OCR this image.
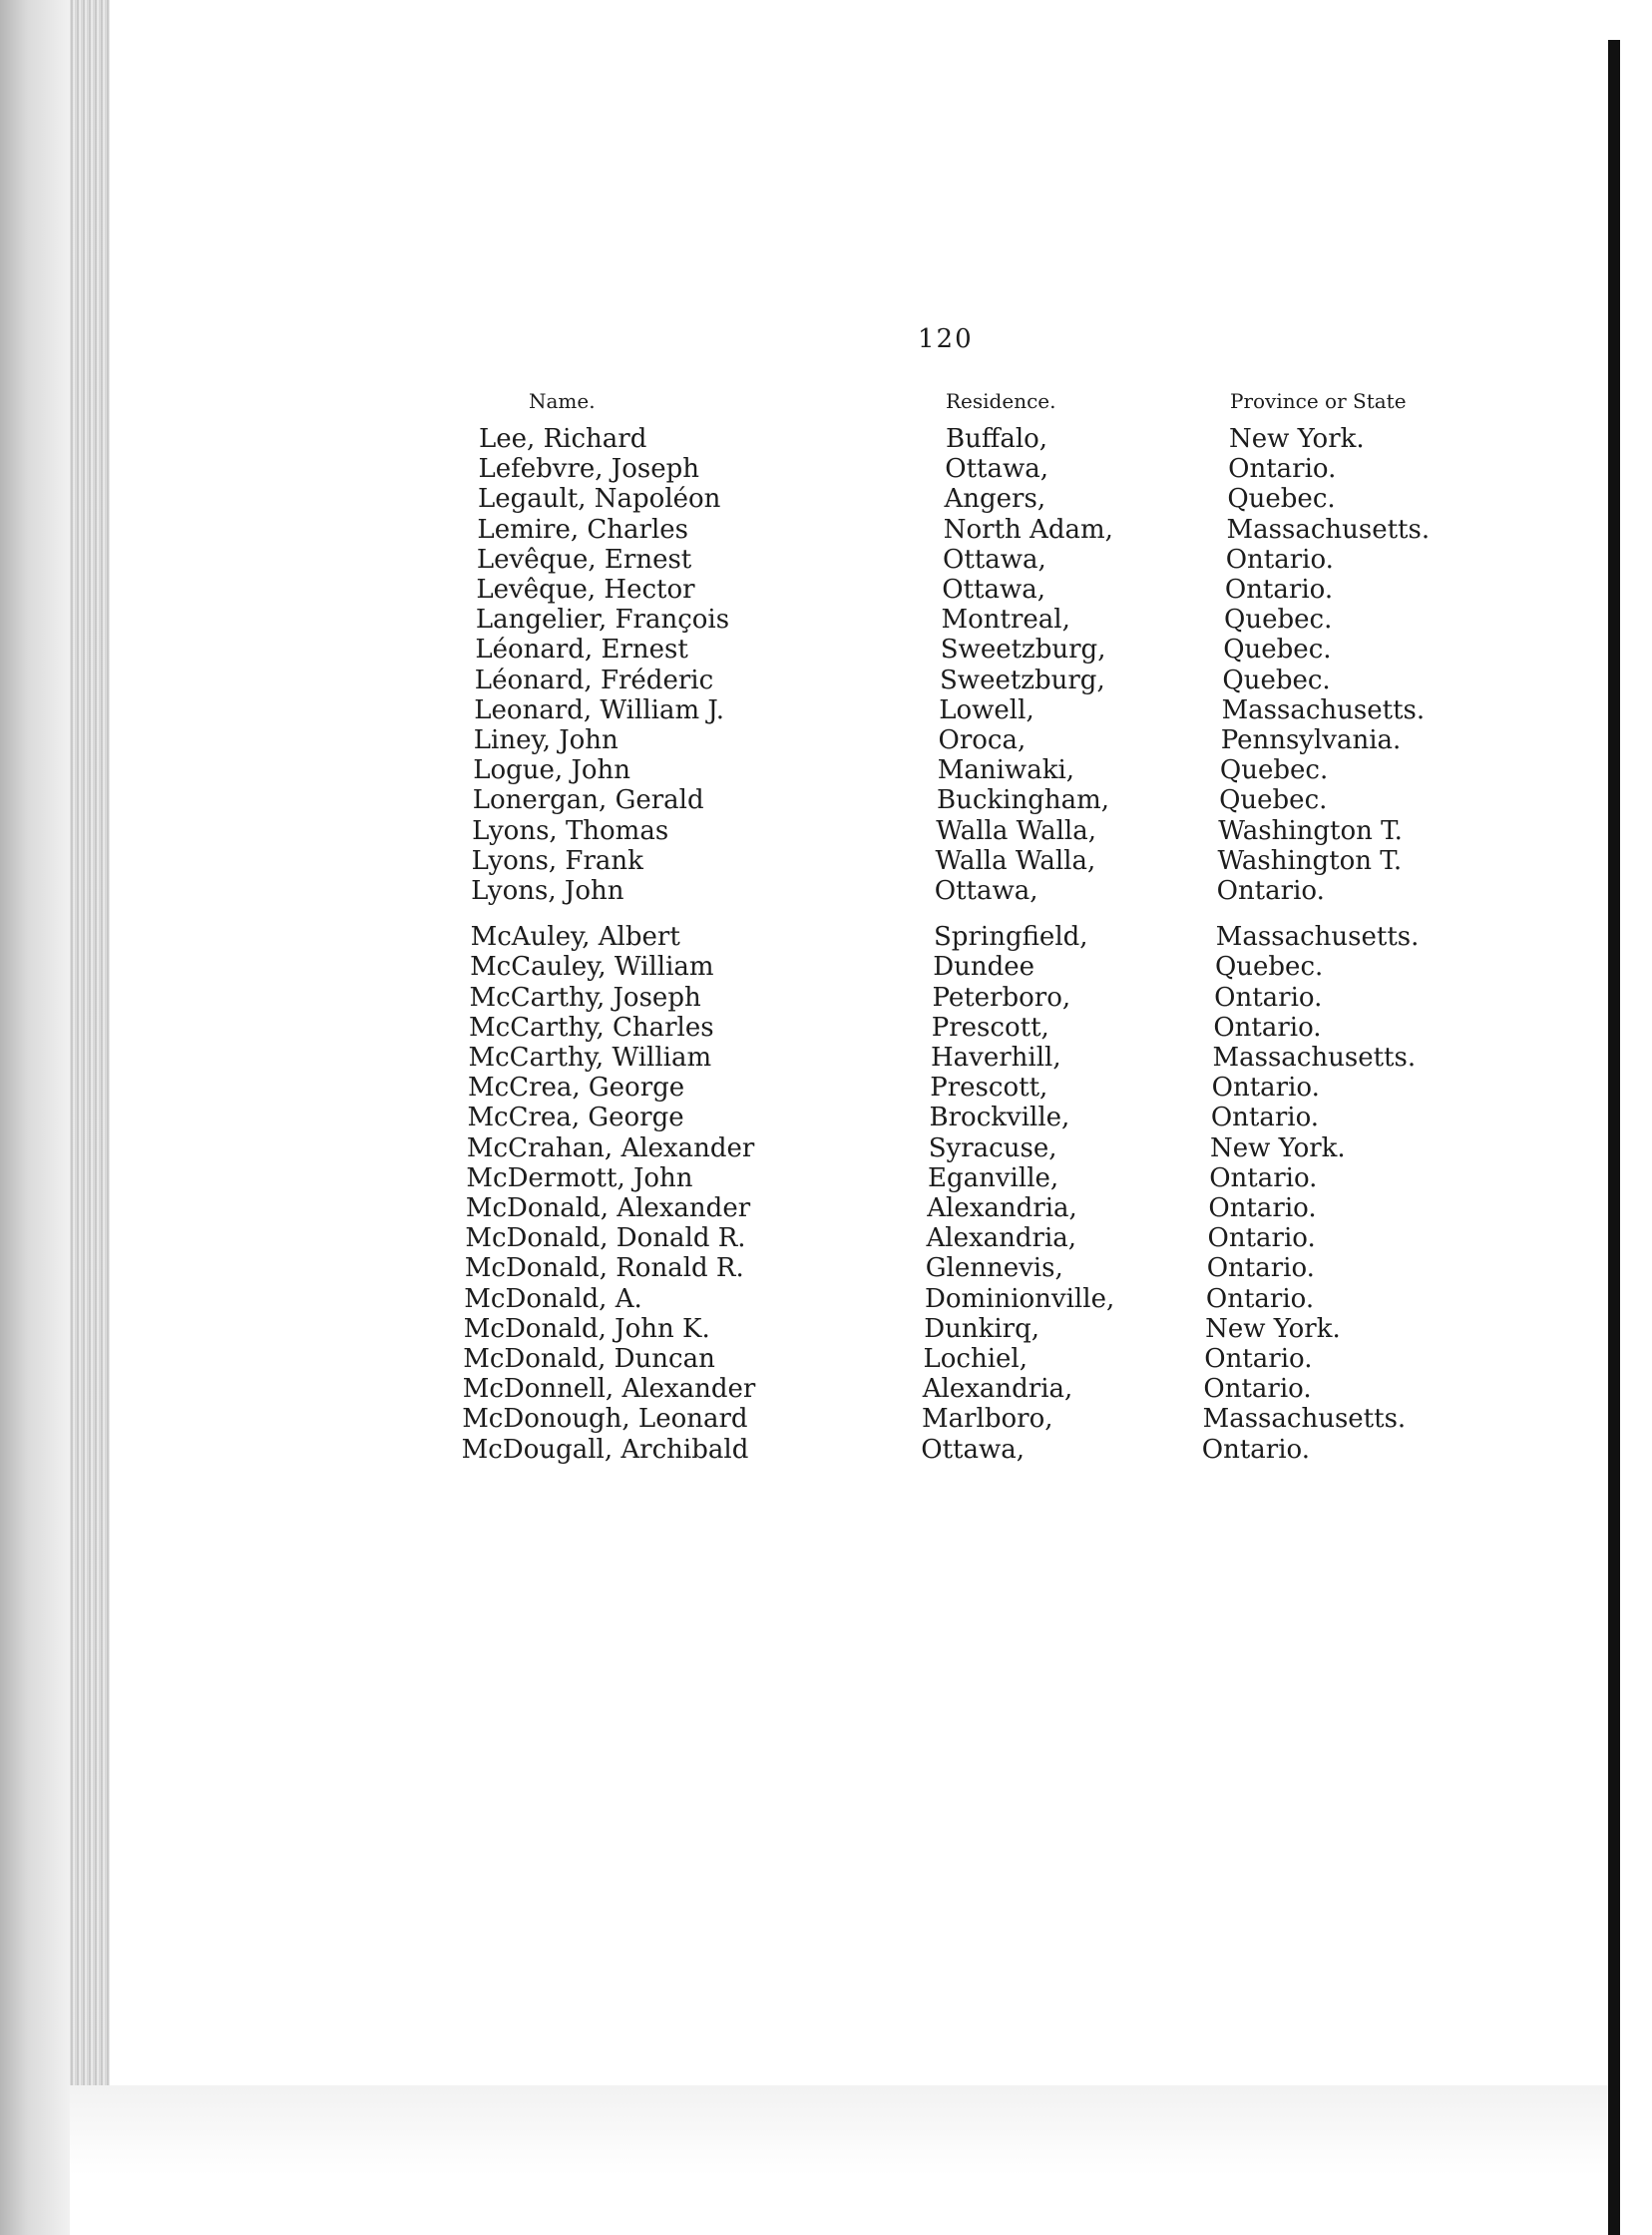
120
Name.	Residence.	Province or State
Lee, Richard	Buffalo,	New York.
Lefebvre, Joseph	Ottawa,	Ontario.
Legault, Napoléon	Angers,	Quebec.
Lemire, Charles	North Adam,	Massachusetts.
Levêque, Ernest	Ottawa,	Ontario.
Levêque, Hector	Ottawa,	Ontario.
Langelier, François	Montreal,	Quebec.
Léonard, Ernest	Sweetzburg,	Quebec.
Léonard, Fréderic	Sweetzburg,	Quebec.
Leonard, William J.	Lowell,	Massachusetts.
Liney, John	Oroca,	Pennsylvania.
Logue, John	Maniwaki,	Quebec.
Lonergan, Gerald	Buckingham,	Quebec.
Lyons, Thomas	Walla Walla,	Washington T.
Lyons, Frank	Walla Walla,	Washington T.
Lyons, John	Ottawa,	Ontario.
McAuley, Albert	Springfield,	Massachusetts.
McCauley, William	Dundee	Quebec.
McCarthy, Joseph	Peterboro,	Ontario.
McCarthy, Charles	Prescott,	Ontario.
McCarthy, William	Haverhill,	Massachusetts.
McCrea, George	Prescott,	Ontario.
McCrea, George	Brockville,	Ontario.
McCrahan, Alexander	Syracuse,	New York.
McDermott, John	Eganville,	Ontario.
McDonald, Alexander	Alexandria,	Ontario.
McDonald, Donald R.	Alexandria,	Ontario.
McDonald, Ronald R.	Glennevis,	Ontario.
McDonald, A.	Dominionville,	Ontario.
McDonald, John K.	Dunkirq,	New York.
McDonald, Duncan	Lochiel,	Ontario.
McDonnell, Alexander	Alexandria,	Ontario.
McDonough, Leonard	Marlboro,	Massachusetts.
McDougall, Archibald	Ottawa,	Ontario.
